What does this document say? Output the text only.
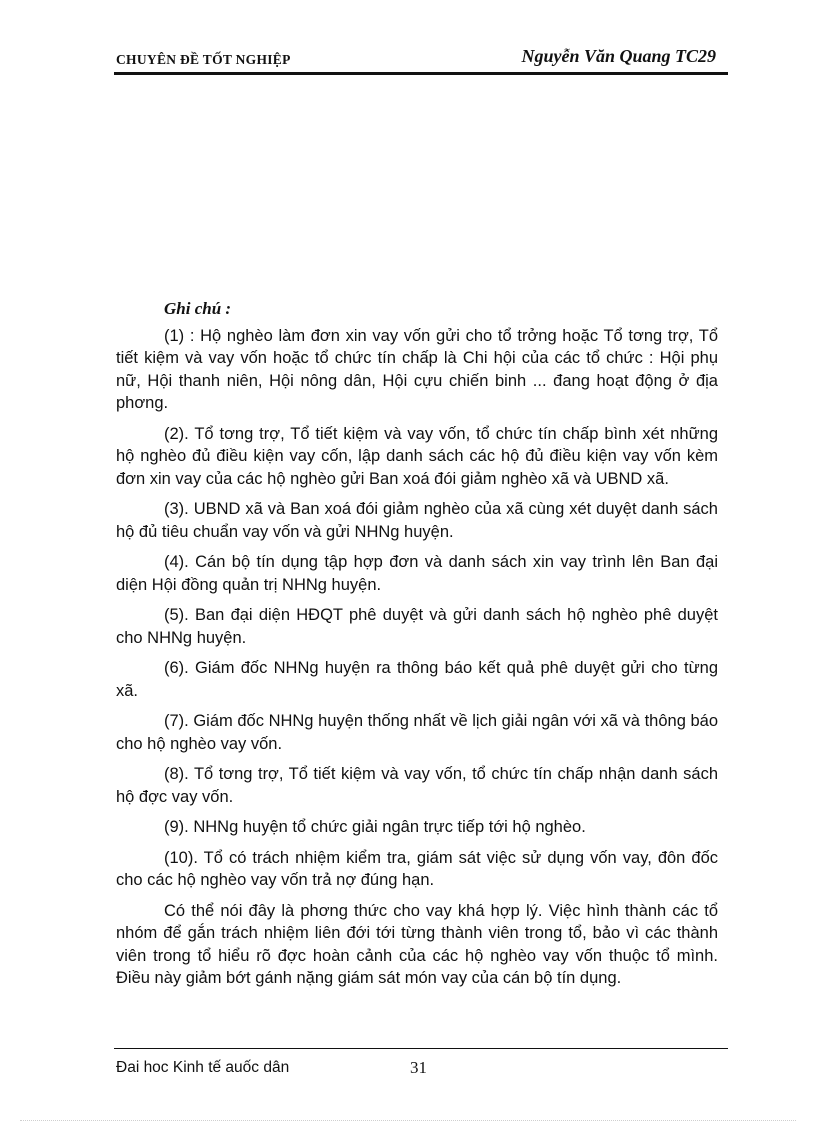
CHUYÊN ĐỀ TỐT NGHIỆP	Nguyễn Văn Quang TC29
Ghi chú :

(1) : Hộ nghèo làm đơn xin vay vốn gửi cho tổ trởng hoặc Tổ tơng trợ, Tổ tiết kiệm và vay vốn hoặc tổ chức tín chấp là Chi hội của các tổ chức : Hội phụ nữ, Hội thanh niên, Hội nông dân, Hội cựu chiến binh ... đang hoạt động ở địa phơng.

(2). Tổ tơng trợ, Tổ tiết kiệm và vay vốn, tổ chức tín chấp bình xét những hộ nghèo đủ điều kiện vay cốn, lập danh sách các hộ đủ điều kiện vay vốn kèm đơn xin vay của các hộ nghèo gửi Ban xoá đói giảm nghèo xã và UBND xã.

(3). UBND xã và Ban xoá đói giảm nghèo của xã cùng xét duyệt danh sách hộ đủ tiêu chuẩn vay vốn và gửi NHNg huyện.

(4). Cán bộ tín dụng tập hợp đơn và danh sách xin vay trình lên Ban đại diện Hội đồng quản trị NHNg huyện.

(5). Ban đại diện HĐQT phê duyệt và gửi danh sách hộ nghèo phê duyệt cho NHNg huyện.

(6). Giám đốc NHNg huyện ra thông báo kết quả phê duyệt gửi cho từng xã.

(7). Giám đốc NHNg huyện thống nhất về lịch giải ngân với xã và thông báo cho hộ nghèo vay vốn.

(8). Tổ tơng trợ, Tổ tiết kiệm và vay vốn, tổ chức tín chấp nhận danh sách hộ đợc vay vốn.

(9). NHNg huyện tổ chức giải ngân trực tiếp tới hộ nghèo.

(10). Tổ có trách nhiệm kiểm tra, giám sát việc sử dụng vốn vay, đôn đốc cho các hộ nghèo vay vốn trả nợ đúng hạn.

Có thể nói đây là phơng thức cho vay khá hợp lý. Việc hình thành các tổ nhóm để gắn trách nhiệm liên đới tới từng thành viên trong tổ, bảo vì các thành viên trong tổ hiểu rõ đợc hoàn cảnh của các hộ nghèo vay vốn thuộc tổ mình. Điều này giảm bớt gánh nặng giám sát món vay của cán bộ tín dụng.

Đai hoc Kinh tế auốc dân	31
